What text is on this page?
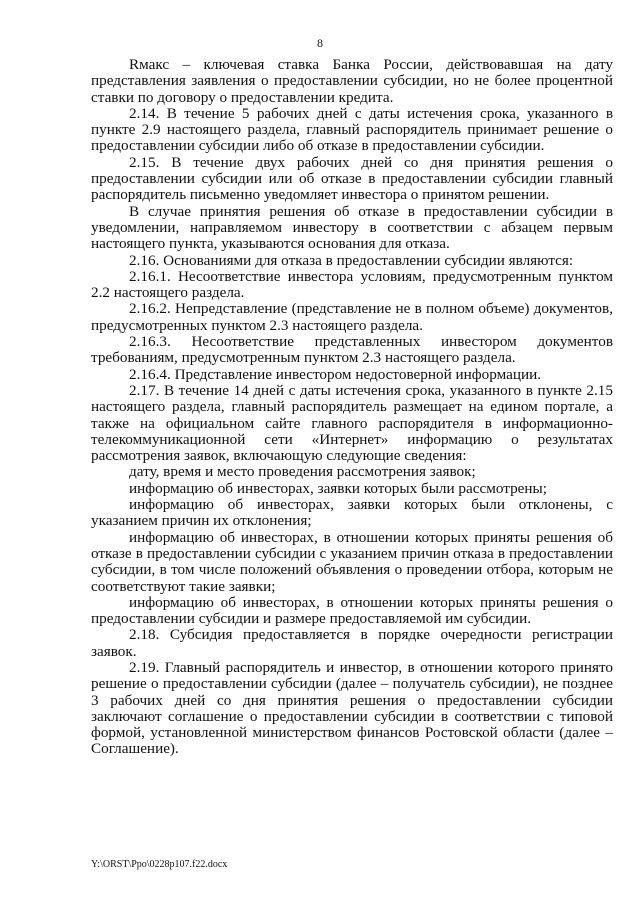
8

Rмакс – ключевая ставка Банка России, действовавшая на дату представления заявления о предоставлении субсидии, но не более процентной ставки по договору о предоставлении кредита.

2.14. В течение 5 рабочих дней с даты истечения срока, указанного в пункте 2.9 настоящего раздела, главный распорядитель принимает решение о предоставлении субсидии либо об отказе в предоставлении субсидии.

2.15. В течение двух рабочих дней со дня принятия решения о предоставлении субсидии или об отказе в предоставлении субсидии главный распорядитель письменно уведомляет инвестора о принятом решении.

В случае принятия решения об отказе в предоставлении субсидии в уведомлении, направляемом инвестору в соответствии с абзацем первым настоящего пункта, указываются основания для отказа.

2.16. Основаниями для отказа в предоставлении субсидии являются:

2.16.1. Несоответствие инвестора условиям, предусмотренным пунктом 2.2 настоящего раздела.

2.16.2. Непредставление (представление не в полном объеме) документов, предусмотренных пунктом 2.3 настоящего раздела.

2.16.3. Несоответствие представленных инвестором документов требованиям, предусмотренным пунктом 2.3 настоящего раздела.

2.16.4. Представление инвестором недостоверной информации.

2.17. В течение 14 дней с даты истечения срока, указанного в пункте 2.15 настоящего раздела, главный распорядитель размещает на едином портале, а также на официальном сайте главного распорядителя в информационно-телекоммуникационной сети «Интернет» информацию о результатах рассмотрения заявок, включающую следующие сведения:

дату, время и место проведения рассмотрения заявок;

информацию об инвесторах, заявки которых были рассмотрены;

информацию об инвесторах, заявки которых были отклонены, с указанием причин их отклонения;

информацию об инвесторах, в отношении которых приняты решения об отказе в предоставлении субсидии с указанием причин отказа в предоставлении субсидии, в том числе положений объявления о проведении отбора, которым не соответствуют такие заявки;

информацию об инвесторах, в отношении которых приняты решения о предоставлении субсидии и размере предоставляемой им субсидии.

2.18. Субсидия предоставляется в порядке очередности регистрации заявок.

2.19. Главный распорядитель и инвестор, в отношении которого принято решение о предоставлении субсидии (далее – получатель субсидии), не позднее 3 рабочих дней со дня принятия решения о предоставлении субсидии заключают соглашение о предоставлении субсидии в соответствии с типовой формой, установленной министерством финансов Ростовской области (далее – Соглашение).

Y:\ORST\Ppo\0228p107.f22.docx
